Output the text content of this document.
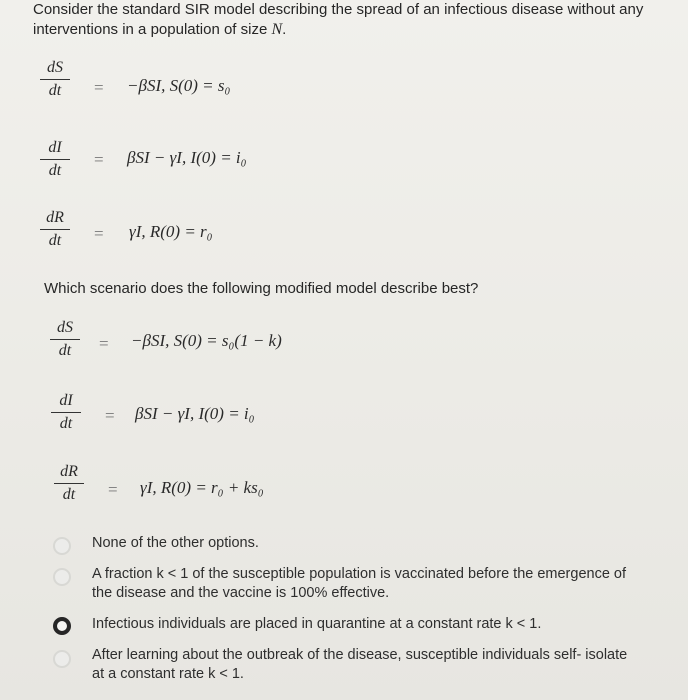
Consider the standard SIR model describing the spread of an infectious disease without any
interventions in a population of size N.
dS
dt	= −βSI, S(0) = s₀
dI
dt
= βSI − γI, I(0) = i₀
dR
dt	= γI, R(0) = r₀
Which scenario does the following modified model describe best?
dS
dt	= −βSI, S(0) = s₀(1 − k)
dI
dt	= βSI − γI, I(0) = i₀
dR
dt	= γI, R(0) = r₀ + ks₀
None of the other options.
A fraction k < 1 of the susceptible population is vaccinated before the emergence of
the disease and the vaccine is 100% effective.
Infectious individuals are placed in quarantine at a constant rate k < 1.
After learning about the outbreak of the disease, susceptible individuals self- isolate
at a constant rate k < 1.
